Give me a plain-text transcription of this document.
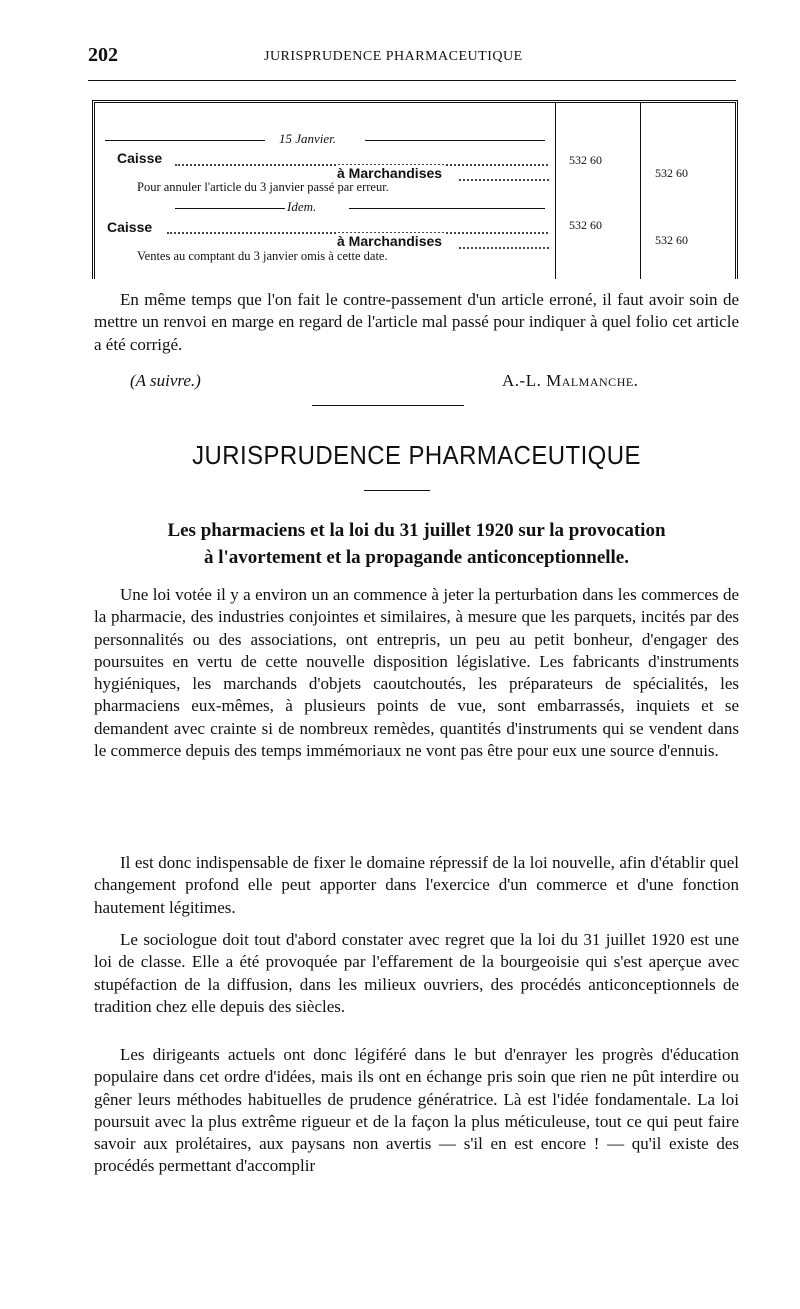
202	JURISPRUDENCE PHARMACEUTIQUE
15 Janvier.
Caisse	532 60
à Marchandises	532 60
Pour annuler l'article du 3 janvier passé par erreur.
Idem.
Caisse	532 60
à Marchandises	532 60
Ventes au comptant du 3 janvier omis à cette date.

En même temps que l'on fait le contre-passement d'un article erroné, il faut avoir soin de mettre un renvoi en marge en regard de l'article mal passé pour indiquer à quel folio cet article a été corrigé.

(A suivre.)	A.-L. Malmanche.
JURISPRUDENCE PHARMACEUTIQUE
Les pharmaciens et la loi du 31 juillet 1920 sur la provocation
à l'avortement et la propagande anticonceptionnelle.

Une loi votée il y a environ un an commence à jeter la perturbation dans les commerces de la pharmacie, des industries conjointes et similaires, à mesure que les parquets, incités par des personnalités ou des associations, ont entrepris, un peu au petit bonheur, d'engager des poursuites en vertu de cette nouvelle disposition législative. Les fabricants d'instruments hygiéniques, les marchands d'objets caoutchoutés, les préparateurs de spécialités, les pharmaciens eux-mêmes, à plusieurs points de vue, sont embarrassés, inquiets et se demandent avec crainte si de nombreux remèdes, quantités d'instruments qui se vendent dans le commerce depuis des temps immémoriaux ne vont pas être pour eux une source d'ennuis.

Il est donc indispensable de fixer le domaine répressif de la loi nouvelle, afin d'établir quel changement profond elle peut apporter dans l'exercice d'un commerce et d'une fonction hautement légitimes.

Le sociologue doit tout d'abord constater avec regret que la loi du 31 juillet 1920 est une loi de classe. Elle a été provoquée par l'effarement de la bourgeoisie qui s'est aperçue avec stupéfaction de la diffusion, dans les milieux ouvriers, des procédés anticonceptionnels de tradition chez elle depuis des siècles.

Les dirigeants actuels ont donc légiféré dans le but d'enrayer les progrès d'éducation populaire dans cet ordre d'idées, mais ils ont en échange pris soin que rien ne pût interdire ou gêner leurs méthodes habituelles de prudence génératrice. Là est l'idée fondamentale. La loi poursuit avec la plus extrême rigueur et de la façon la plus méticuleuse, tout ce qui peut faire savoir aux prolétaires, aux paysans non avertis — s'il en est encore ! — qu'il existe des procédés permettant d'accomplir
